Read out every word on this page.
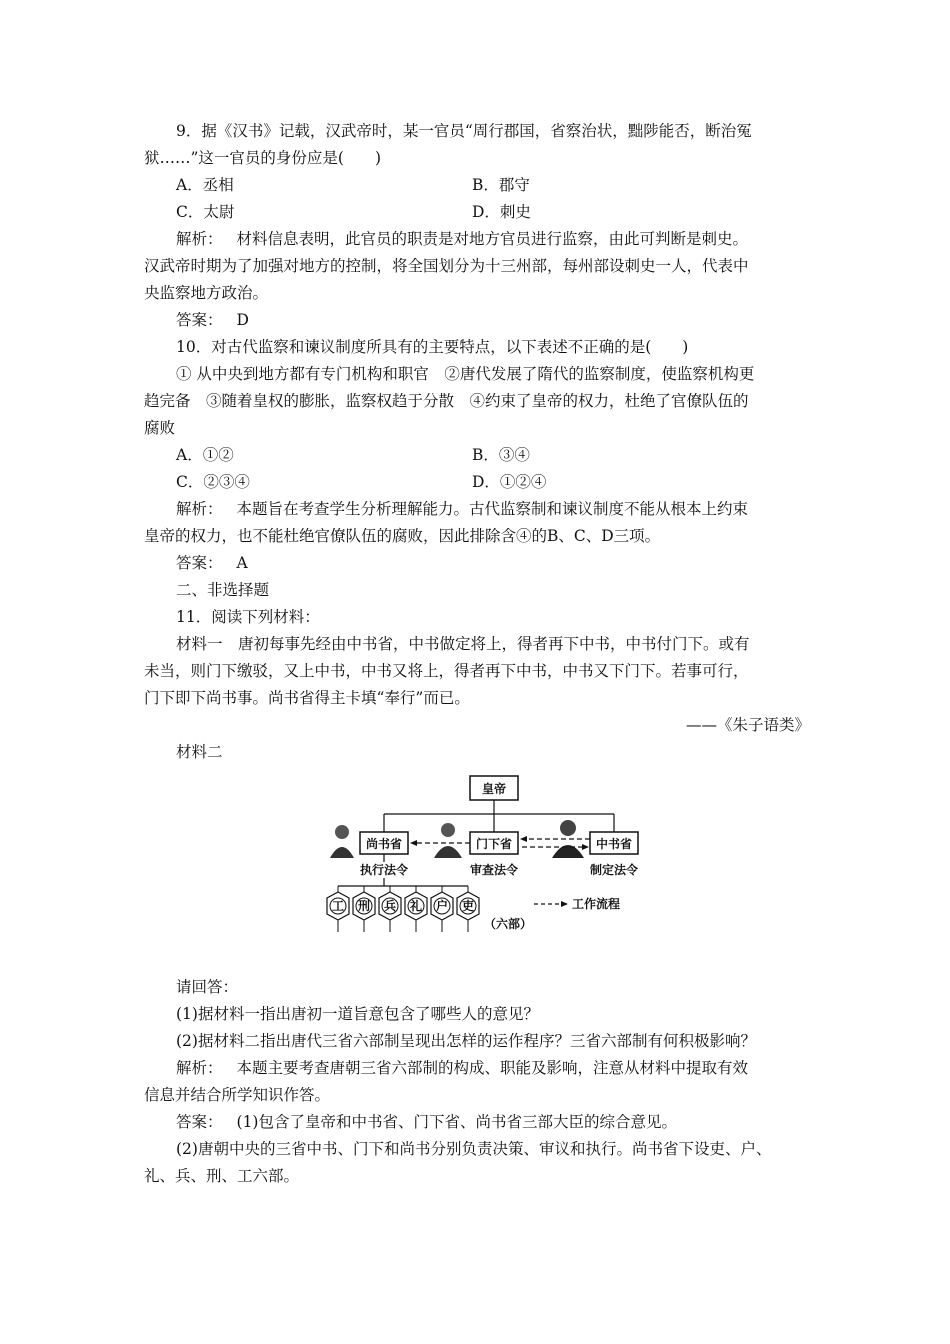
9．据《汉书》记载，汉武帝时，某一官员“周行郡国，省察治状，黜陟能否，断治冤
狱……”这一官员的身份应是(　　)
A．丞相	B．郡守
C．太尉	D．刺史
解析： 材料信息表明，此官员的职责是对地方官员进行监察，由此可判断是刺史。
汉武帝时期为了加强对地方的控制，将全国划分为十三州部，每州部设刺史一人，代表中
央监察地方政治。
答案： D
10．对古代监察和谏议制度所具有的主要特点，以下表述不正确的是(　　)
① 从中央到地方都有专门机构和职官　②唐代发展了隋代的监察制度，使监察机构更
趋完备　③随着皇权的膨胀，监察权趋于分散　④约束了皇帝的权力，杜绝了官僚队伍的
腐败
A．①②	B．③④
C．②③④	D．①②④
解析： 本题旨在考查学生分析理解能力。古代监察制和谏议制度不能从根本上约束
皇帝的权力，也不能杜绝官僚队伍的腐败，因此排除含④的B、C、D三项。
答案： A
二、非选择题
11．阅读下列材料：
材料一　唐初每事先经由中书省，中书做定将上，得者再下中书，中书付门下。或有
未当，则门下缴驳，又上中书，中书又将上，得者再下中书，中书又下门下。若事可行，
门下即下尚书事。尚书省得主卡填“奉行”而已。
——《朱子语类》
材料二
皇帝
尚书省	门下省	中书省
执行法令	审查法令	制定法令
工 刑 兵 礼 户 吏
（六部）
工作流程
请回答：
(1)据材料一指出唐初一道旨意包含了哪些人的意见？
(2)据材料二指出唐代三省六部制呈现出怎样的运作程序？三省六部制有何积极影响？
解析： 本题主要考查唐朝三省六部制的构成、职能及影响，注意从材料中提取有效
信息并结合所学知识作答。
答案： (1)包含了皇帝和中书省、门下省、尚书省三部大臣的综合意见。
(2)唐朝中央的三省中书、门下和尚书分别负责决策、审议和执行。尚书省下设吏、户、
礼、兵、刑、工六部。
